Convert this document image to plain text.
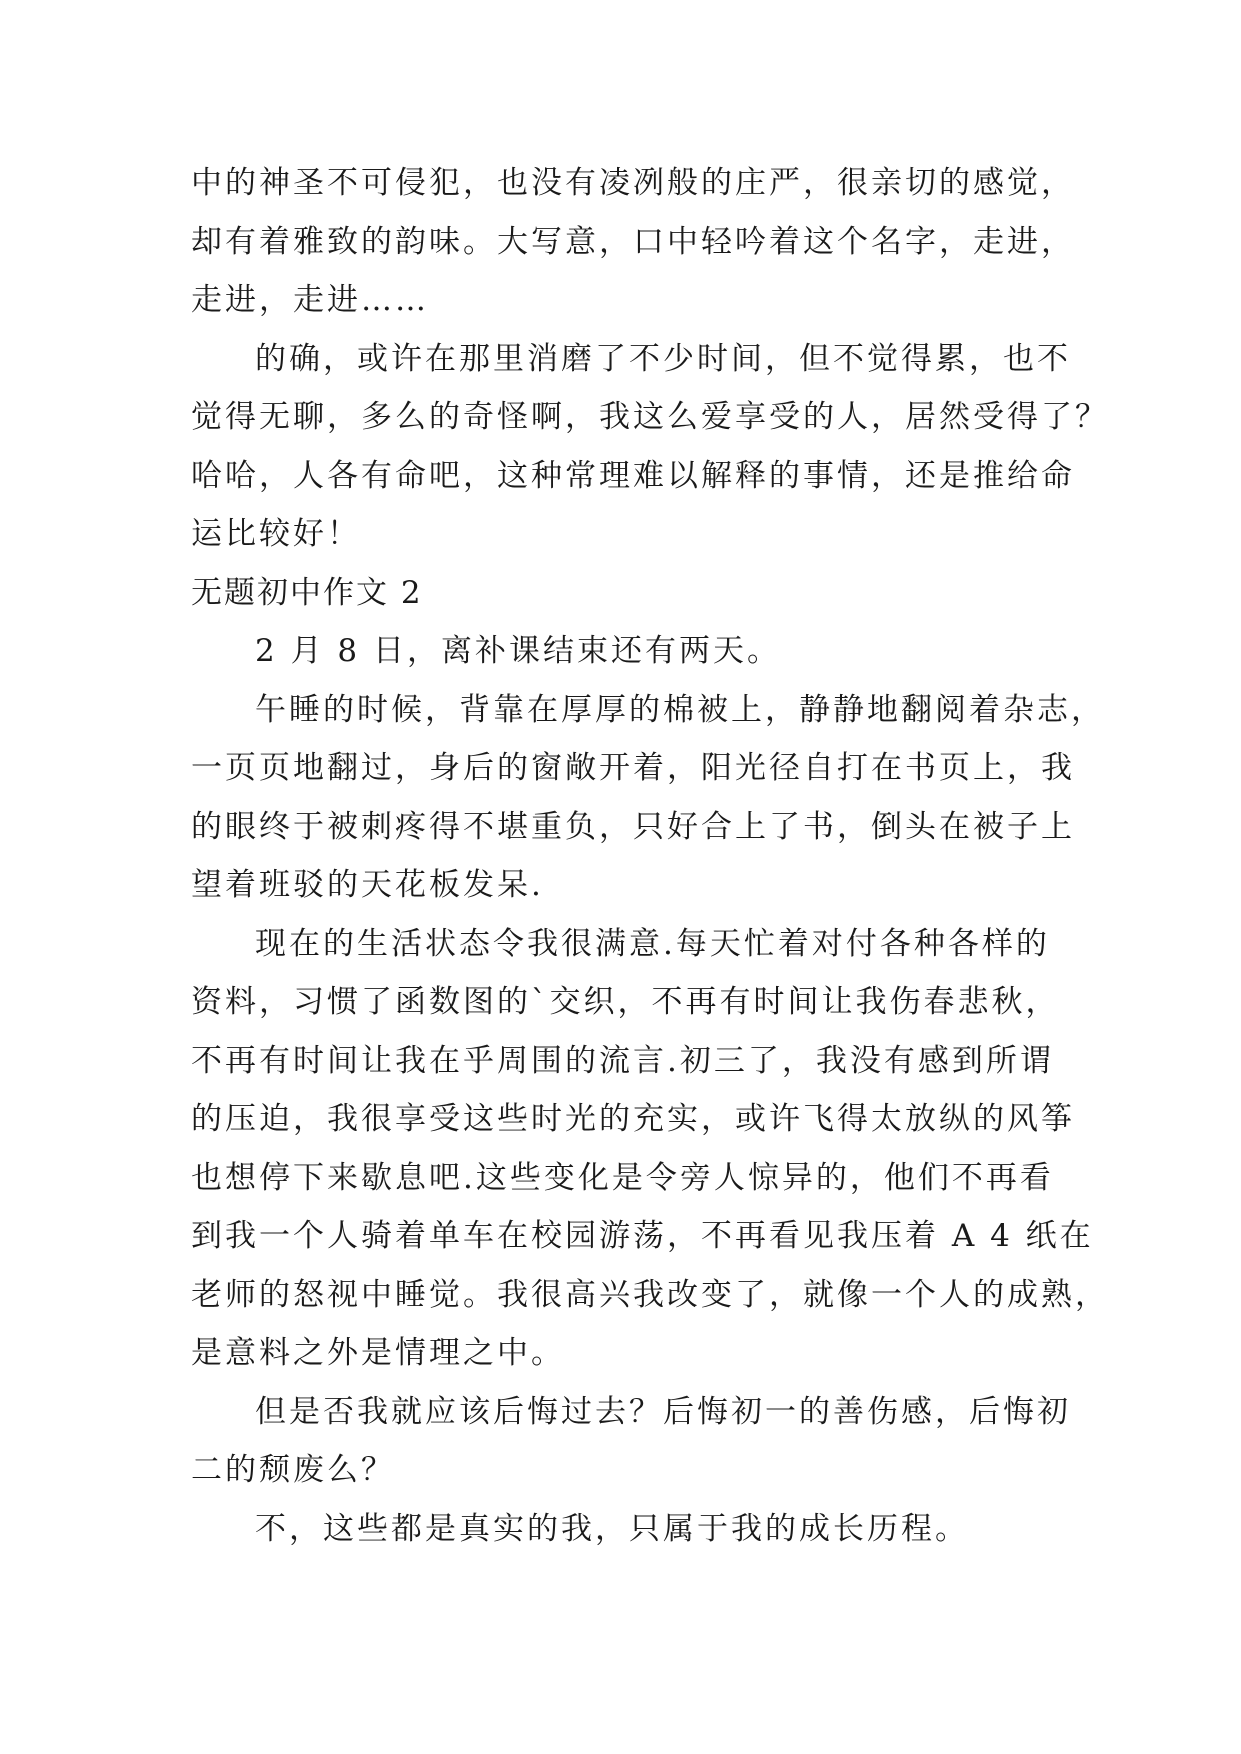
中的神圣不可侵犯，也没有凌冽般的庄严，很亲切的感觉，
却有着雅致的韵味。大写意，口中轻吟着这个名字，走进，
走进，走进……
的确，或许在那里消磨了不少时间，但不觉得累，也不
觉得无聊，多么的奇怪啊，我这么爱享受的人，居然受得了？
哈哈，人各有命吧，这种常理难以解释的事情，还是推给命
运比较好！
无题初中作文 2
2 月 8 日，离补课结束还有两天。
午睡的时候，背靠在厚厚的棉被上，静静地翻阅着杂志，
一页页地翻过，身后的窗敞开着，阳光径自打在书页上，我
的眼终于被刺疼得不堪重负，只好合上了书，倒头在被子上
望着班驳的天花板发呆.
现在的生活状态令我很满意.每天忙着对付各种各样的
资料，习惯了函数图的`交织，不再有时间让我伤春悲秋，
不再有时间让我在乎周围的流言.初三了，我没有感到所谓
的压迫，我很享受这些时光的充实，或许飞得太放纵的风筝
也想停下来歇息吧.这些变化是令旁人惊异的，他们不再看
到我一个人骑着单车在校园游荡，不再看见我压着 A 4 纸在
老师的怒视中睡觉。我很高兴我改变了，就像一个人的成熟，
是意料之外是情理之中。
但是否我就应该后悔过去？后悔初一的善伤感，后悔初
二的颓废么？
不，这些都是真实的我，只属于我的成长历程。
